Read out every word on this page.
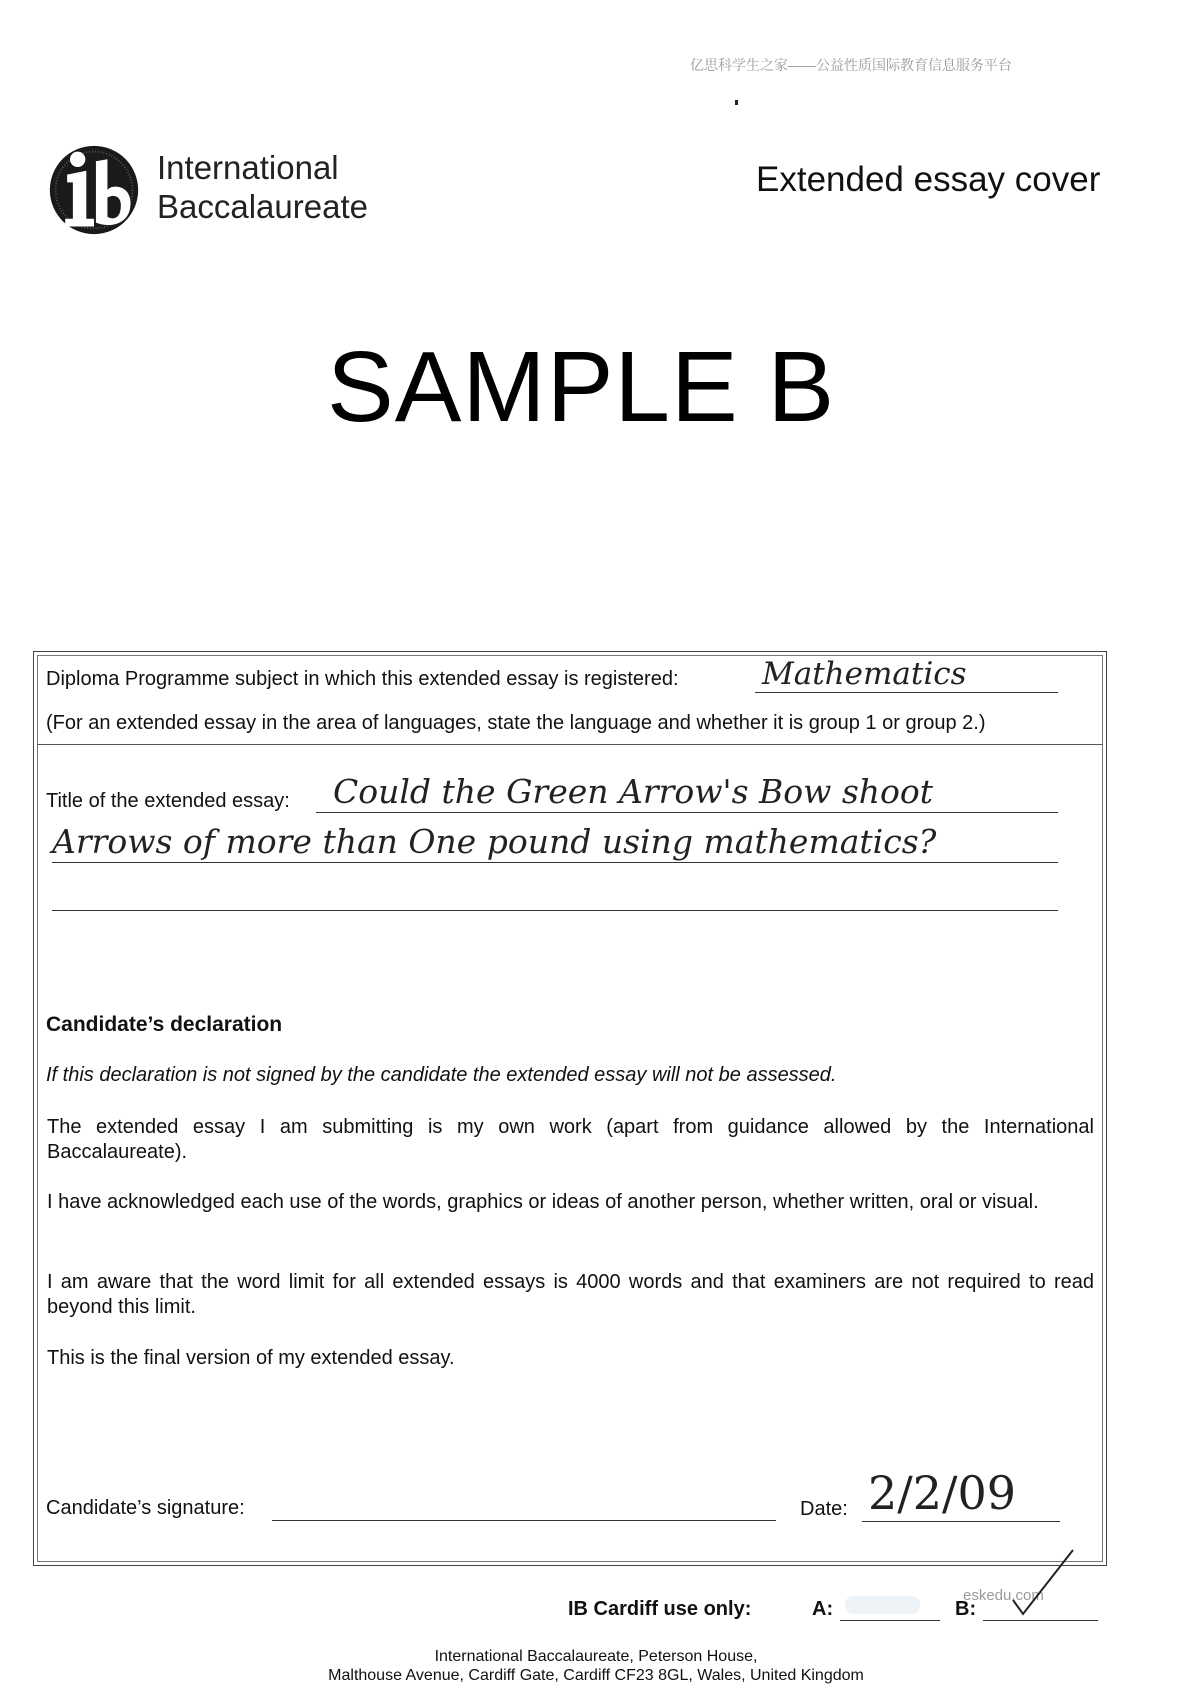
亿思科学生之家——公益性质国际教育信息服务平台
International
Baccalaureate
Extended essay cover
SAMPLE B
Diploma Programme subject in which this extended essay is registered:	Mathematics
(For an extended essay in the area of languages, state the language and whether it is group 1 or group 2.)
Title of the extended essay: Could the Green Arrow's Bow shoot
Arrows of more than One pound using mathematics?
Candidate’s declaration
If this declaration is not signed by the candidate the extended essay will not be assessed.
The extended essay I am submitting is my own work (apart from guidance allowed by the International Baccalaureate).
I have acknowledged each use of the words, graphics or ideas of another person, whether written, oral or visual.
I am aware that the word limit for all extended essays is 4000 words and that examiners are not required to read beyond this limit.
This is the final version of my extended essay.
Candidate’s signature:	Date: 2/2/09
IB Cardiff use only:	A:	B:
eskedu.com
International Baccalaureate, Peterson House,
Malthouse Avenue, Cardiff Gate, Cardiff CF23 8GL, Wales, United Kingdom
